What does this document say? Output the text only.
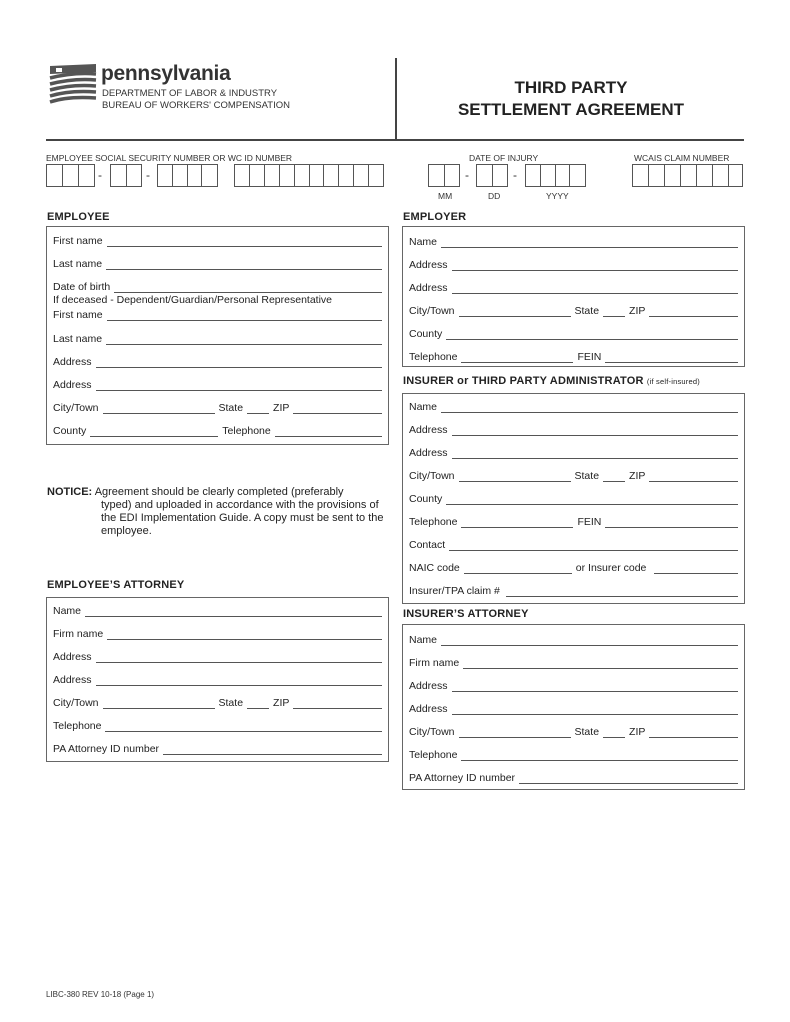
pennsylvania
DEPARTMENT OF LABOR & INDUSTRY
BUREAU OF WORKERS' COMPENSATION
THIRD PARTY
SETTLEMENT AGREEMENT
EMPLOYEE SOCIAL SECURITY NUMBER OR WC ID NUMBER
-	-
DATE OF INJURY
-	-
MM	DD	YYYY
WCAIS CLAIM NUMBER
EMPLOYEE
First name
Last name
Date of birth
If deceased - Dependent/Guardian/Personal Representative
First name
Last name
Address
Address
City/Town	State	ZIP
County	Telephone
EMPLOYER
Name
Address
Address
City/Town	State	ZIP
County
Telephone	FEIN
INSURER or THIRD PARTY ADMINISTRATOR (if self-insured)
Name
Address
Address
City/Town	State	ZIP
County
Telephone	FEIN
Contact
NAIC code	or Insurer code
Insurer/TPA claim #
NOTICE: Agreement should be clearly completed (preferably
typed) and uploaded in accordance with the provisions of the EDI Implementation Guide. A copy must be sent to the employee.
EMPLOYEE’S ATTORNEY
Name
Firm name
Address
Address
City/Town	State	ZIP
Telephone
PA Attorney ID number
INSURER’S ATTORNEY
Name
Firm name
Address
Address
City/Town	State	ZIP
Telephone
PA Attorney ID number
LIBC-380 REV 10-18 (Page 1)
